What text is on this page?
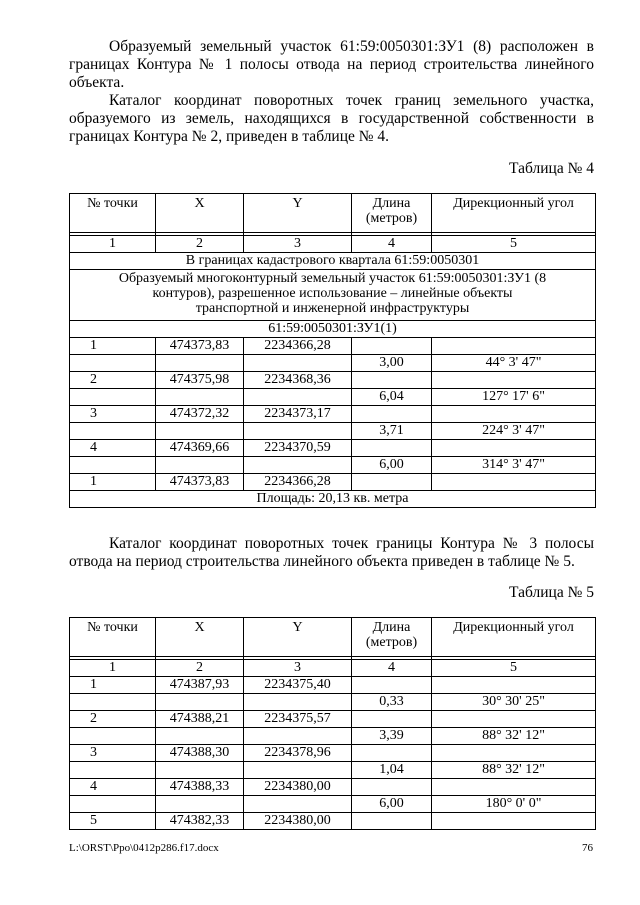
Образуемый земельный участок 61:59:0050301:ЗУ1 (8) расположен в границах Контура № 1 полосы отвода на период строительства линейного объекта.

Каталог координат поворотных точек границ земельного участка, образуемого из земель, находящихся в государственной собственности в границах Контура № 2, приведен в таблице № 4.

Таблица № 4

№ точки	X	Y	Длина (метров)	Дирекционный угол

1	2	3	4	5
В границах кадастрового квартала 61:59:0050301				
Образуемый многоконтурный земельный участок 61:59:0050301:ЗУ1 (8 контуров), разрешенное использование – линейные объекты транспортной и инженерной инфраструктуры				
61:59:0050301:ЗУ1(1)				
1	474373,83	2234366,28		
			3,00	44° 3' 47"
2	474375,98	2234368,36		
			6,04	127° 17' 6"
3	474372,32	2234373,17		
			3,71	224° 3' 47"
4	474369,66	2234370,59		
			6,00	314° 3' 47"
1	474373,83	2234366,28		
Площадь: 20,13 кв. метра				

Каталог координат поворотных точек границы Контура № 3 полосы отвода на период строительства линейного объекта приведен в таблице № 5.

Таблица № 5

№ точки	X	Y	Длина (метров)	Дирекционный угол

1	2	3	4	5
1	474387,93	2234375,40		
			0,33	30° 30' 25"
2	474388,21	2234375,57		
			3,39	88° 32' 12"
3	474388,30	2234378,96		
			1,04	88° 32' 12"
4	474388,33	2234380,00		
			6,00	180° 0' 0"
5	474382,33	2234380,00		
L:\ORST\Ppo\0412p286.f17.docx	76
